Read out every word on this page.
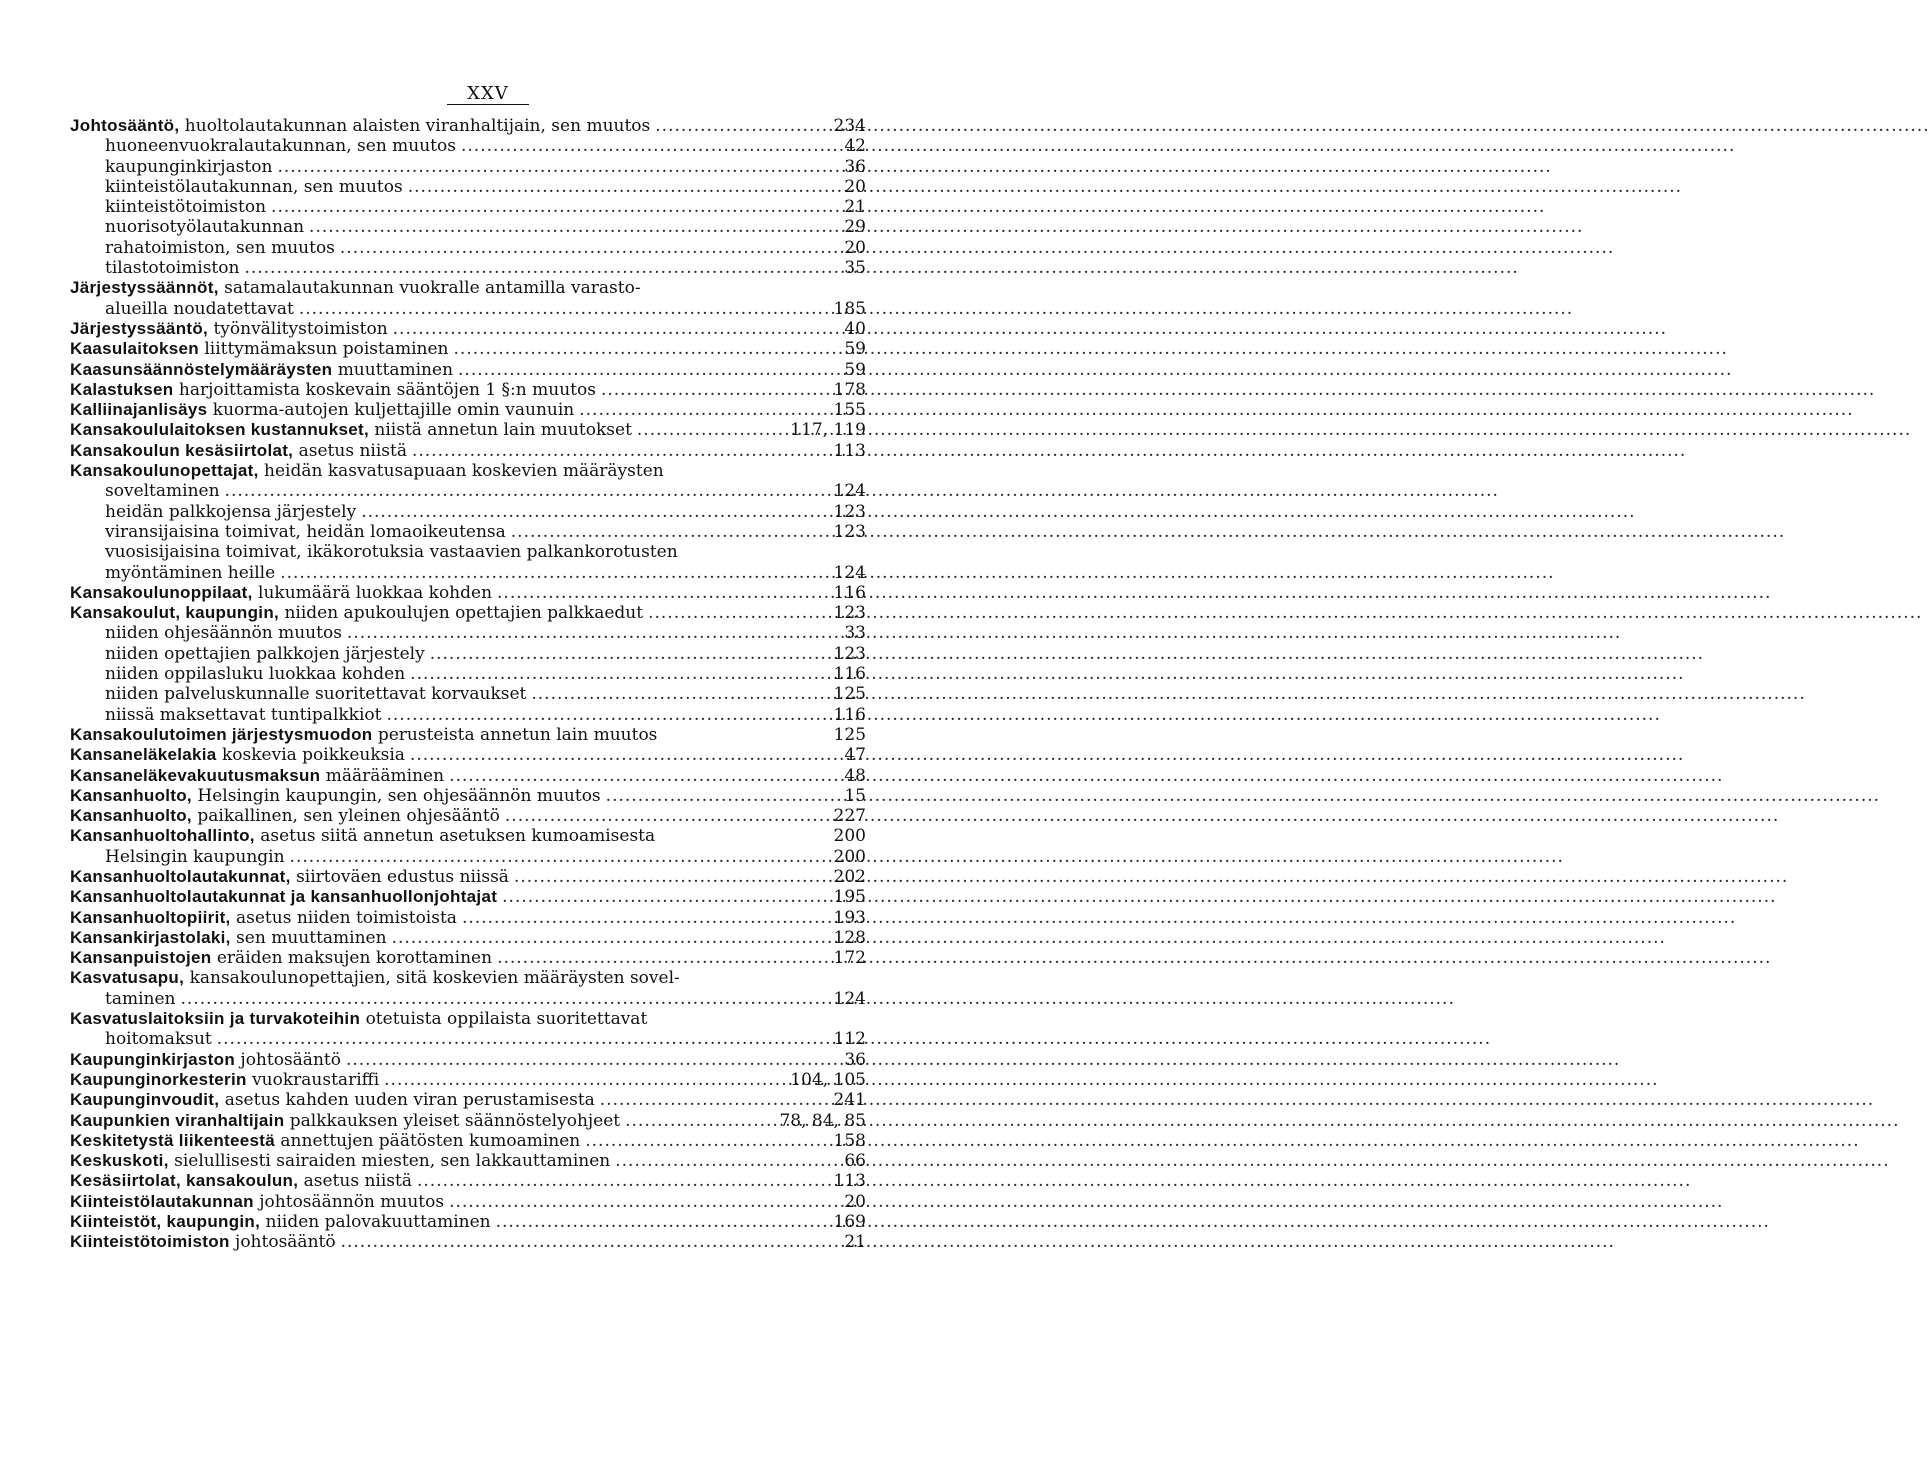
XXV
Johtosääntö, huoltolautakunnan alaisten viranhaltijain, sen muutos .....	234
huoneenvuokralautakunnan, sen muutos .....	42
kaupunginkirjaston .....	36
kiinteistölautakunnan, sen muutos .....	20
kiinteistötoimiston .....	21
nuorisotyölautakunnan .....	29
rahatoimiston, sen muutos .....	20
tilastotoimiston .....	35
Järjestyssäännöt, satamalautakunnan vuokralle antamilla varasto-
alueilla noudatettavat .....	185
Järjestyssääntö, työnvälitystoimiston .....	40
Kaasulaitoksen liittymämaksun poistaminen .....	59
Kaasunsäännöstelymääräysten muuttaminen .....	59
Kalastuksen harjoittamista koskevain sääntöjen 1 §:n muutos .....	178
Kalliinajanlisäys kuorma-autojen kuljettajille omin vaunuin .....	155
Kansakoululaitoksen kustannukset, niistä annetun lain muutokset .....	117, 119
Kansakoulun kesäsiirtolat, asetus niistä .....	113
Kansakoulunopettajat, heidän kasvatusapuaan koskevien määräysten
soveltaminen .....	124
heidän palkkojensa järjestely .....	123
viransijaisina toimivat, heidän lomaoikeutensa .....	123
vuosisijaisina toimivat, ikäkorotuksia vastaavien palkankorotusten
myöntäminen heille .....	124
Kansakoulunoppilaat, lukumäärä luokkaa kohden .....	116
Kansakoulut, kaupungin, niiden apukoulujen opettajien palkkaedut .....	123
niiden ohjesäännön muutos .....	33
niiden opettajien palkkojen järjestely .....	123
niiden oppilasluku luokkaa kohden .....	116
niiden palveluskunnalle suoritettavat korvaukset .....	125
niissä maksettavat tuntipalkkiot .....	116
Kansakoulutoimen järjestysmuodon perusteista annetun lain muutos	125
Kansaneläkelakia koskevia poikkeuksia .....	47
Kansaneläkevakuutusmaksun määrääminen .....	48
Kansanhuolto, Helsingin kaupungin, sen ohjesäännön muutos .....	15
Kansanhuolto, paikallinen, sen yleinen ohjesääntö .....	227
Kansanhuoltohallinto, asetus siitä annetun asetuksen kumoamisesta	200
Helsingin kaupungin .....	200
Kansanhuoltolautakunnat, siirtoväen edustus niissä .....	202
Kansanhuoltolautakunnat ja kansanhuollonjohtajat .....	195
Kansanhuoltopiirit, asetus niiden toimistoista .....	193
Kansankirjastolaki, sen muuttaminen .....	128
Kansanpuistojen eräiden maksujen korottaminen .....	172
Kasvatusapu, kansakoulunopettajien, sitä koskevien määräysten sovel-
taminen .....	124
Kasvatuslaitoksiin ja turvakoteihin otetuista oppilaista suoritettavat
hoitomaksut .....	112
Kaupunginkirjaston johtosääntö .....	36
Kaupunginorkesterin vuokraustariffi .....	104, 105
Kaupunginvoudit, asetus kahden uuden viran perustamisesta .....	241
Kaupunkien viranhaltijain palkkauksen yleiset säännöstelyohjeet .....	78, 84, 85
Keskitetystä liikenteestä annettujen päätösten kumoaminen .....	158
Keskuskoti, sielullisesti sairaiden miesten, sen lakkauttaminen .....	66
Kesäsiirtolat, kansakoulun, asetus niistä .....	113
Kiinteistölautakunnan johtosäännön muutos .....	20
Kiinteistöt, kaupungin, niiden palovakuuttaminen .....	169
Kiinteistötoimiston johtosääntö .....	21
